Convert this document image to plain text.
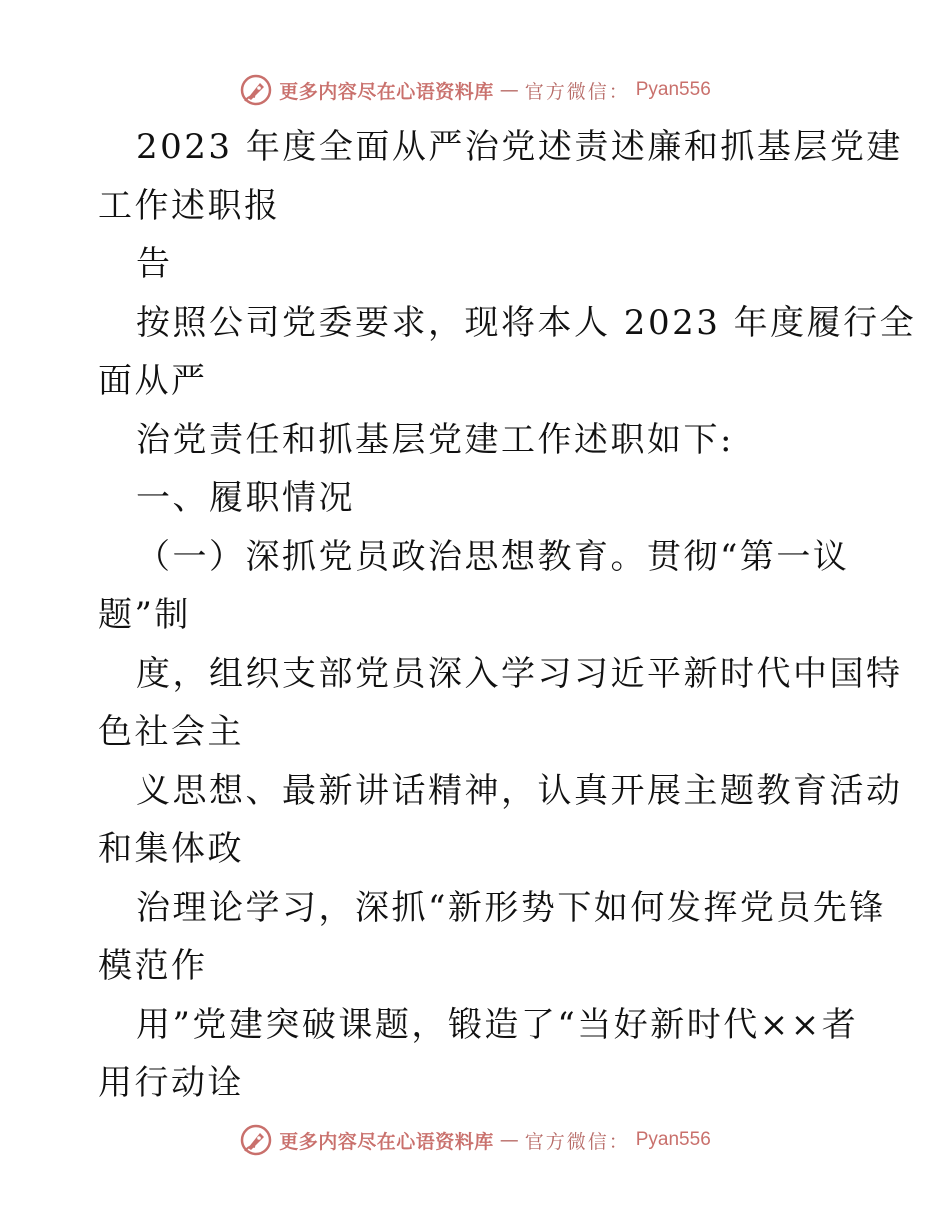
更多内容尽在心语资料库 — 官方微信： Pyan556
2023 年度全面从严治党述责述廉和抓基层党建
工作述职报
告
按照公司党委要求，现将本人 2023 年度履行全
面从严
治党责任和抓基层党建工作述职如下:
一、履职情况
（一）深抓党员政治思想教育。贯彻“第一议
题”制
度，组织支部党员深入学习习近平新时代中国特
色社会主
义思想、最新讲话精神，认真开展主题教育活动
和集体政
治理论学习，深抓“新形势下如何发挥党员先锋
模范作
用”党建突破课题，锻造了“当好新时代××者
用行动诠
更多内容尽在心语资料库 — 官方微信： Pyan556
